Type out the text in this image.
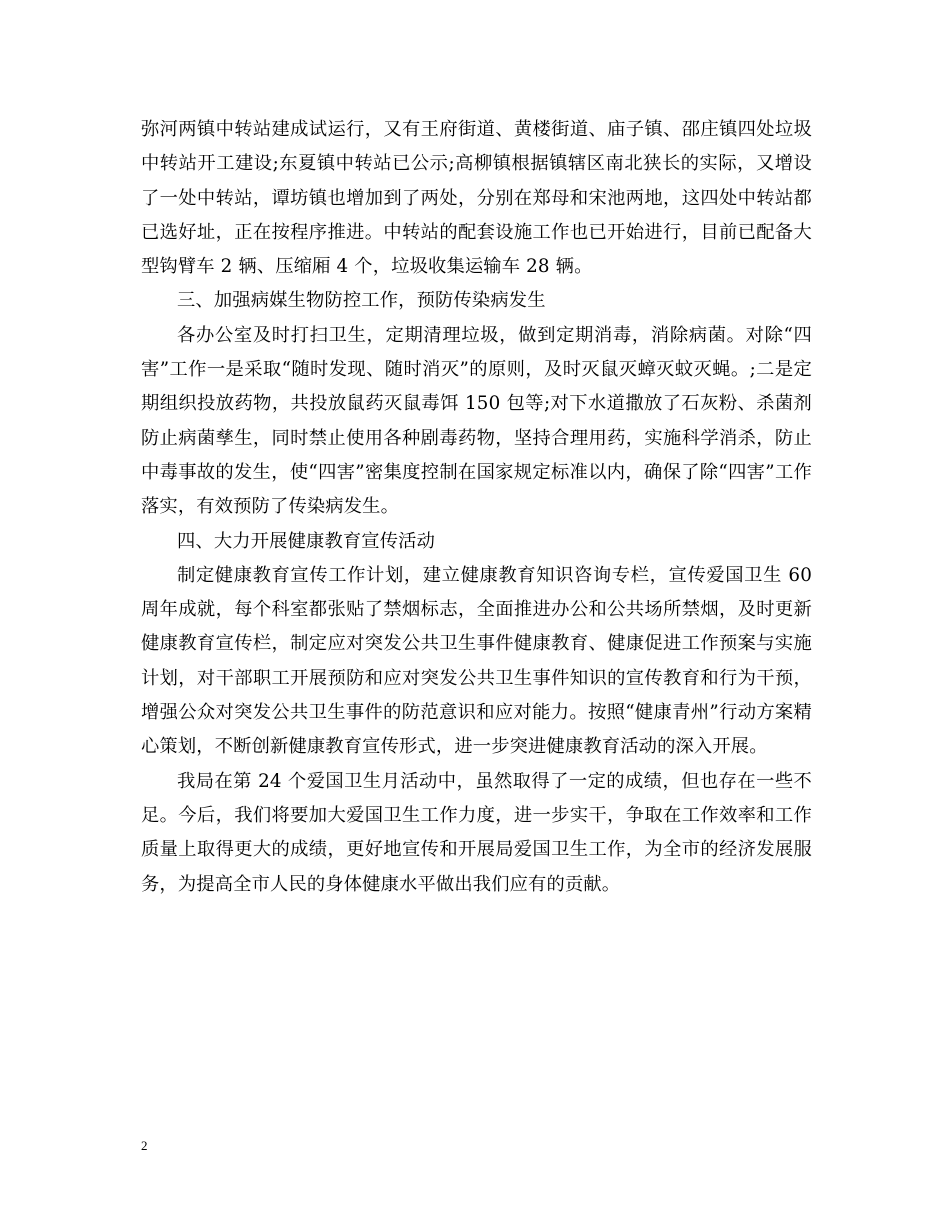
弥河两镇中转站建成试运行，又有王府街道、黄楼街道、庙子镇、邵庄镇四处垃圾中转站开工建设;东夏镇中转站已公示;高柳镇根据镇辖区南北狭长的实际，又增设了一处中转站，谭坊镇也增加到了两处，分别在郑母和宋池两地，这四处中转站都已选好址，正在按程序推进。中转站的配套设施工作也已开始进行，目前已配备大型钩臂车 2 辆、压缩厢 4 个，垃圾收集运输车 28 辆。

三、加强病媒生物防控工作，预防传染病发生

各办公室及时打扫卫生，定期清理垃圾，做到定期消毒，消除病菌。对除“四害”工作一是采取“随时发现、随时消灭”的原则，及时灭鼠灭蟑灭蚊灭蝇。;二是定期组织投放药物，共投放鼠药灭鼠毒饵 150 包等;对下水道撒放了石灰粉、杀菌剂防止病菌孳生，同时禁止使用各种剧毒药物，坚持合理用药，实施科学消杀，防止中毒事故的发生，使“四害”密集度控制在国家规定标准以内，确保了除“四害”工作落实，有效预防了传染病发生。

四、大力开展健康教育宣传活动

制定健康教育宣传工作计划，建立健康教育知识咨询专栏，宣传爱国卫生 60 周年成就，每个科室都张贴了禁烟标志，全面推进办公和公共场所禁烟，及时更新健康教育宣传栏，制定应对突发公共卫生事件健康教育、健康促进工作预案与实施计划，对干部职工开展预防和应对突发公共卫生事件知识的宣传教育和行为干预，增强公众对突发公共卫生事件的防范意识和应对能力。按照“健康青州”行动方案精心策划，不断创新健康教育宣传形式，进一步突进健康教育活动的深入开展。

我局在第 24 个爱国卫生月活动中，虽然取得了一定的成绩，但也存在一些不足。今后，我们将要加大爱国卫生工作力度，进一步实干，争取在工作效率和工作质量上取得更大的成绩，更好地宣传和开展局爱国卫生工作，为全市的经济发展服务，为提高全市人民的身体健康水平做出我们应有的贡献。

2
